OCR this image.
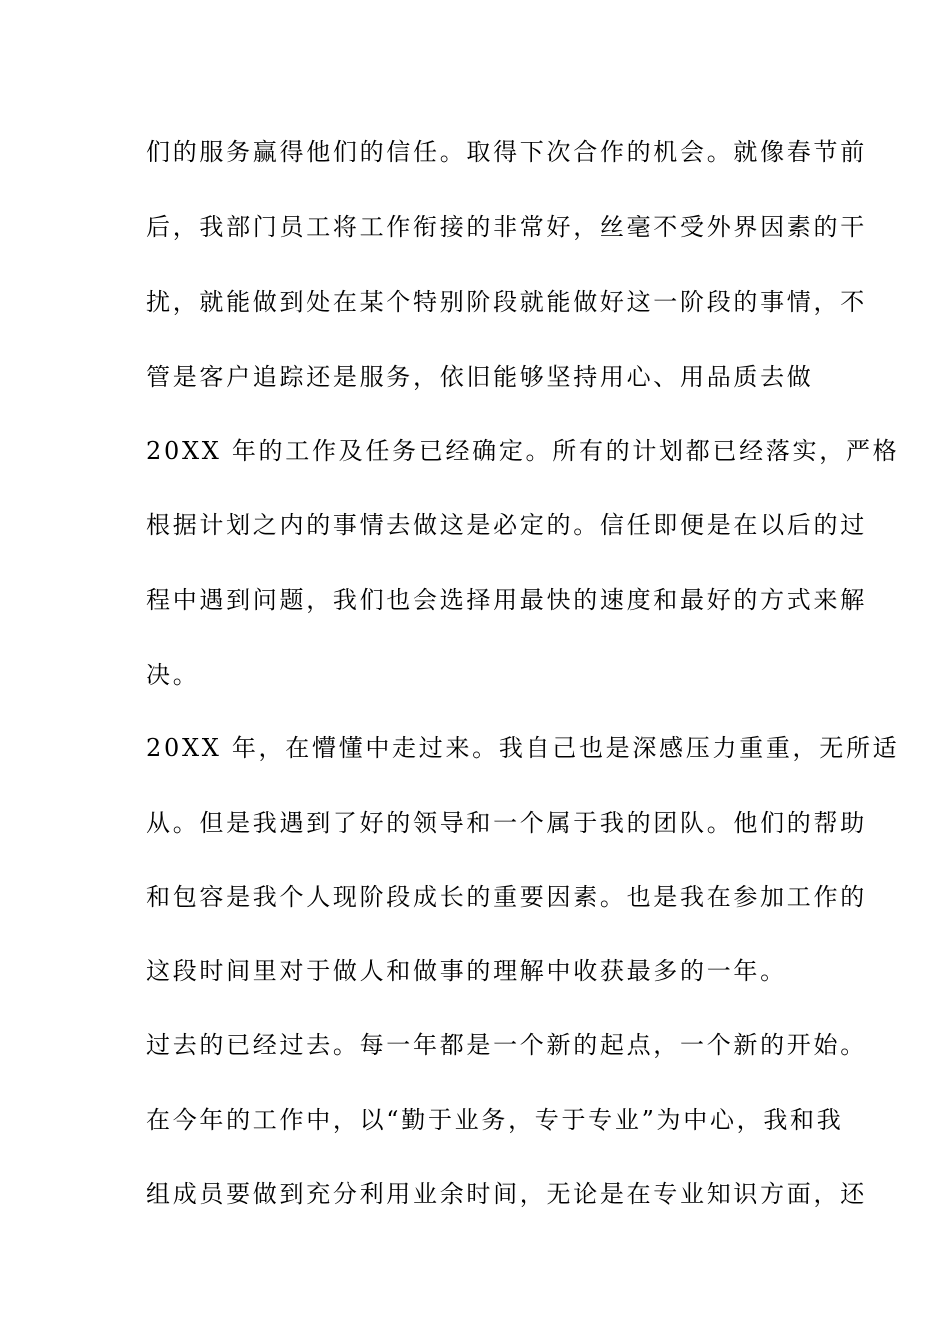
们的服务赢得他们的信任。取得下次合作的机会。就像春节前
后，我部门员工将工作衔接的非常好，丝毫不受外界因素的干
扰，就能做到处在某个特别阶段就能做好这一阶段的事情，不
管是客户追踪还是服务，依旧能够坚持用心、用品质去做
20XX 年的工作及任务已经确定。所有的计划都已经落实，严格
根据计划之内的事情去做这是必定的。信任即便是在以后的过
程中遇到问题，我们也会选择用最快的速度和最好的方式来解
决。
20XX 年，在懵懂中走过来。我自己也是深感压力重重，无所适
从。但是我遇到了好的领导和一个属于我的团队。他们的帮助
和包容是我个人现阶段成长的重要因素。也是我在参加工作的
这段时间里对于做人和做事的理解中收获最多的一年。
过去的已经过去。每一年都是一个新的起点，一个新的开始。
在今年的工作中，以“勤于业务，专于专业”为中心，我和我
组成员要做到充分利用业余时间，无论是在专业知识方面，还
